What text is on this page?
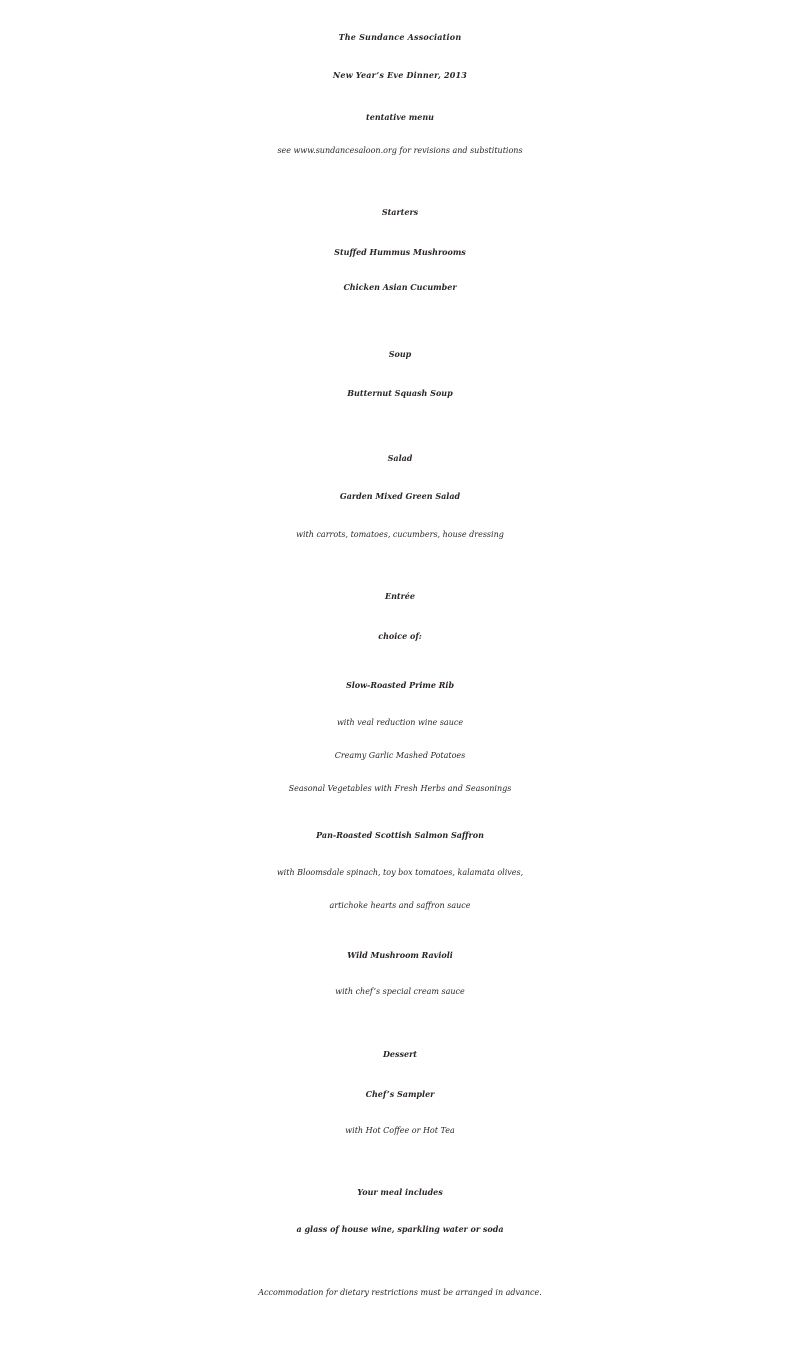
The Sundance Association
New Year’s Eve Dinner, 2013
tentative menu
see www.sundancesaloon.org for revisions and substitutions
Starters
Stuffed Hummus Mushrooms
Chicken Asian Cucumber
Soup
Butternut Squash Soup
Salad
Garden Mixed Green Salad
with carrots, tomatoes, cucumbers, house dressing
Entrée
choice of:
Slow-Roasted Prime Rib
with veal reduction wine sauce
Creamy Garlic Mashed Potatoes
Seasonal Vegetables with Fresh Herbs and Seasonings
Pan-Roasted Scottish Salmon Saffron
with Bloomsdale spinach, toy box tomatoes, kalamata olives,
artichoke hearts and saffron sauce
Wild Mushroom Ravioli
with chef’s special cream sauce
Dessert
Chef’s Sampler
with Hot Coffee or Hot Tea
Your meal includes
a glass of house wine, sparkling water or soda
Accommodation for dietary restrictions must be arranged in advance.
